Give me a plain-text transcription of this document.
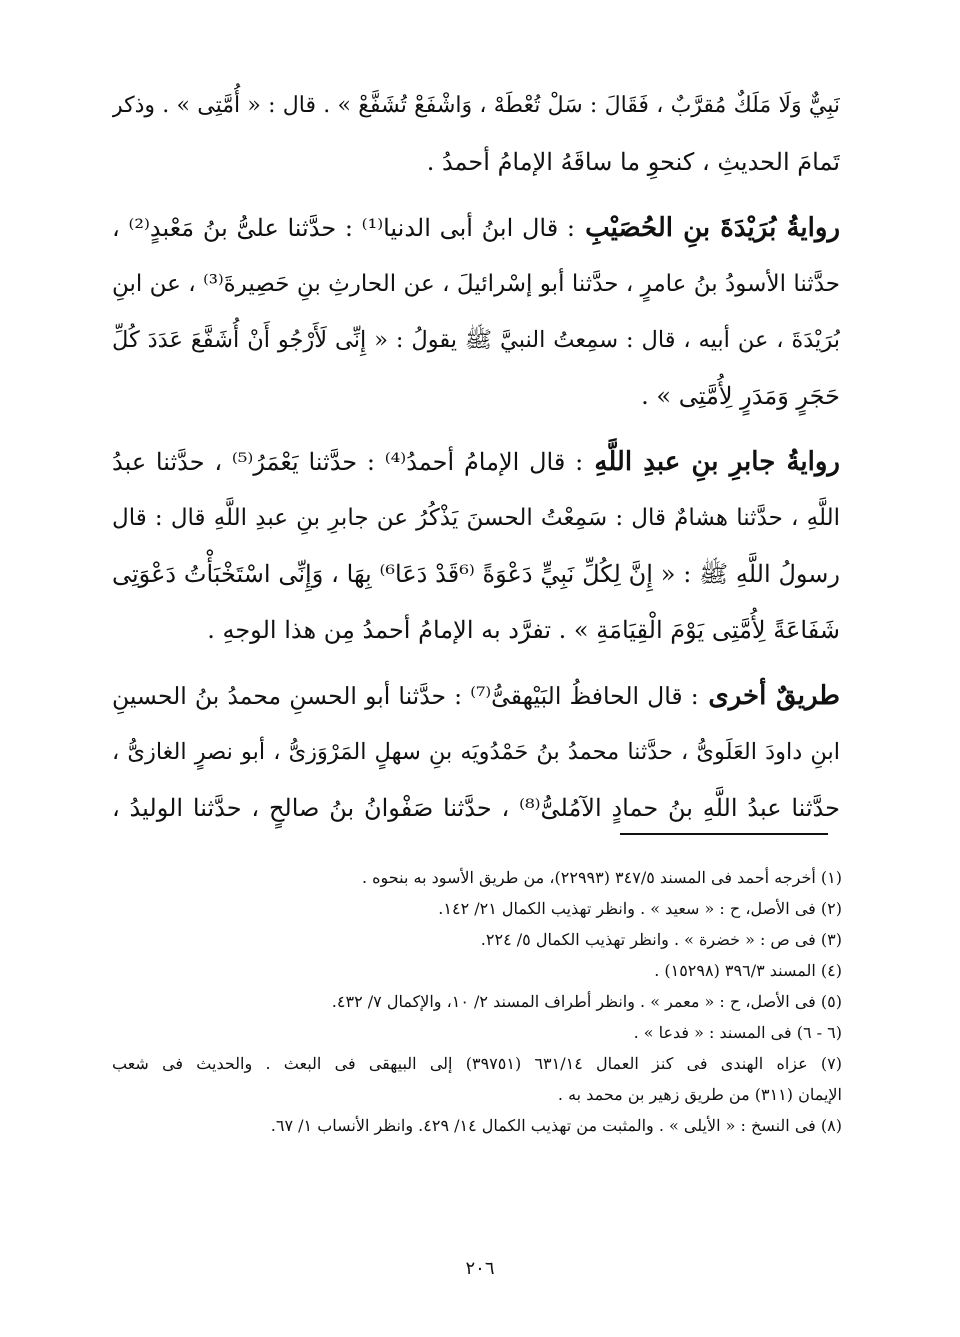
نَبِيٌّ وَلَا مَلَكٌ مُقرَّبٌ ، فَقَالَ : سَلْ تُعْطَهْ ، وَاشْفَعْ تُشَفَّعْ » . قال : « أُمَّتِى » . وذكر
تَمامَ الحديثِ ، كنحوِ ما ساقَهُ الإمامُ أحمدُ .
روايةُ بُرَيْدَةَ بنِ الحُصَيْبِ : قال ابنُ أبى الدنيا⁽¹⁾ : حدَّثنا علىُّ بنُ مَعْبدٍ⁽²⁾ ،
حدَّثنا الأسودُ بنُ عامرٍ ، حدَّثنا أبو إسْرائيلَ ، عن الحارثِ بنِ حَصِيرةَ⁽³⁾ ، عن ابنِ
بُرَيْدَةَ ، عن أبيه ، قال : سمِعتُ النبيَّ ﷺ يقولُ : « إِنِّى لَأَرْجُو أَنْ أُشَفَّعَ عَدَدَ كُلِّ
حَجَرٍ وَمَدَرٍ لِأُمَّتِى » .
روايةُ جابرِ بنِ عبدِ اللَّهِ : قال الإمامُ أحمدُ⁽⁴⁾ : حدَّثنا يَعْمَرُ⁽⁵⁾ ، حدَّثنا عبدُ
اللَّهِ ، حدَّثنا هشامٌ قال : سَمِعْتُ الحسنَ يَذْكُرُ عن جابرِ بنِ عبدِ اللَّهِ قال : قال
رسولُ اللَّهِ ﷺ : « إِنَّ لِكُلِّ نَبِيٍّ دَعْوَةً ⁽⁶قَدْ دَعَا⁶⁾ بِهَا ، وَإِنِّى اسْتَخْبَأْتُ دَعْوَتِى
شَفَاعَةً لِأُمَّتِى يَوْمَ الْقِيَامَةِ » . تفرَّد به الإمامُ أحمدُ مِن هذا الوجهِ .
طريقٌ أخرى : قال الحافظُ البَيْهقىُّ⁽⁷⁾ : حدَّثنا أبو الحسنِ محمدُ بنُ الحسينِ
ابنِ داودَ العَلَوىُّ ، حدَّثنا محمدُ بنُ حَمْدُويَه بنِ سهلٍ المَرْوَزىُّ ، أبو نصرٍ الغازىُّ ،
حدَّثنا عبدُ اللَّهِ بنُ حمادٍ الآمُلىُّ⁽⁸⁾ ، حدَّثنا صَفْوانُ بنُ صالحٍ ، حدَّثنا الوليدُ ،
(١) أخرجه أحمد فى المسند ٣٤٧/٥ (٢٢٩٩٣)، من طريق الأسود به بنحوه .
(٢) فى الأصل، ح : « سعيد » . وانظر تهذيب الكمال ٢١/ ١٤٢.
(٣) فى ص : « خضرة » . وانظر تهذيب الكمال ٥/ ٢٢٤.
(٤) المسند ٣٩٦/٣ (١٥٢٩٨) .
(٥) فى الأصل، ح : « معمر » . وانظر أطراف المسند ٢/ ١٠، والإكمال ٧/ ٤٣٢.
(٦ - ٦) فى المسند : « فدعا » .
(٧) عزاه الهندى فى كنز العمال ٦٣١/١٤ (٣٩٧٥١) إلى البيهقى فى البعث . والحديث فى شعب
الإيمان (٣١١) من طريق زهير بن محمد به .
(٨) فى النسخ : « الأيلى » . والمثبت من تهذيب الكمال ١٤/ ٤٢٩. وانظر الأنساب ١/ ٦٧.
٢٠٦
